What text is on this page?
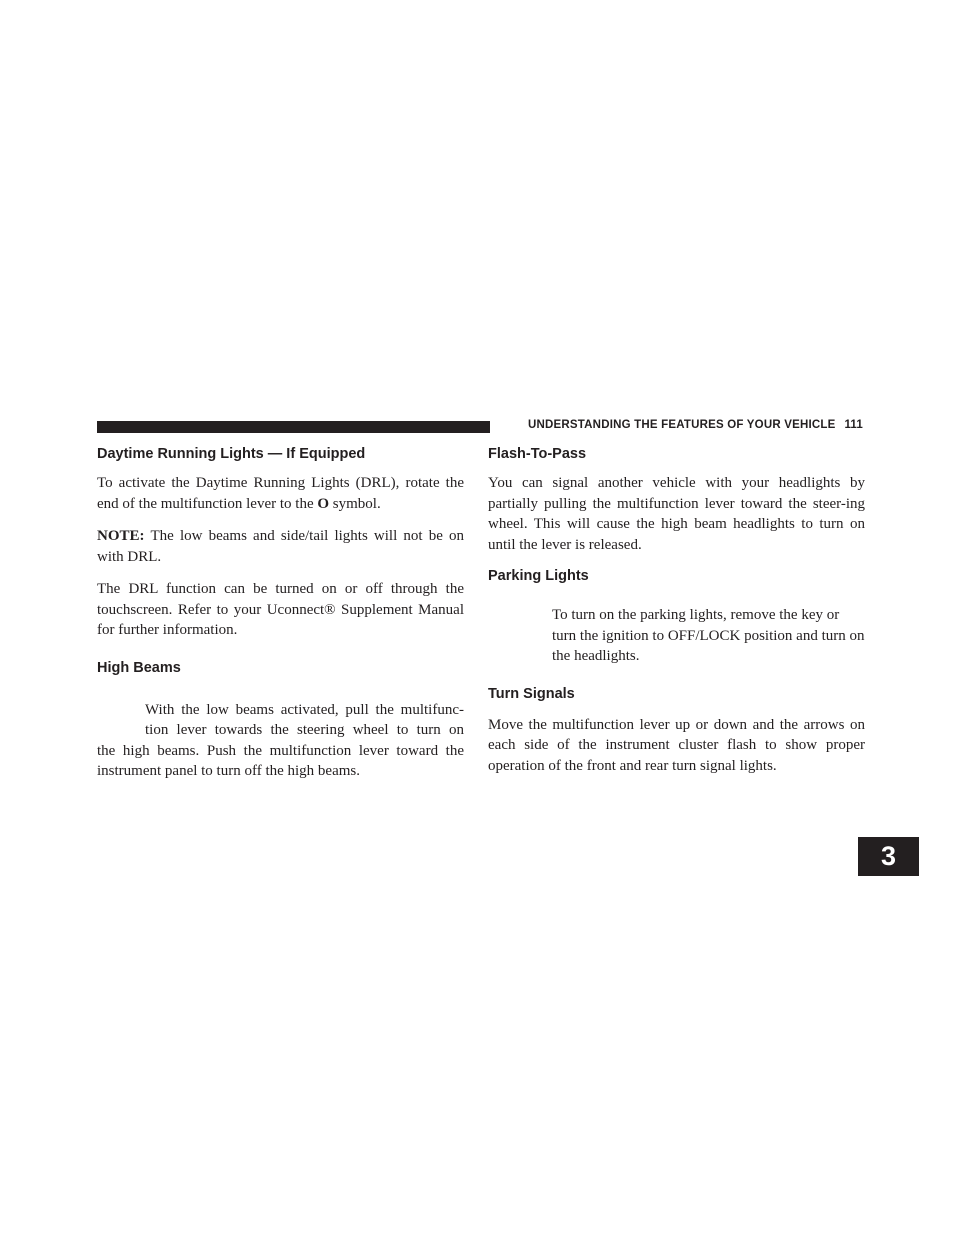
UNDERSTANDING THE FEATURES OF YOUR VEHICLE 111
3
Daytime Running Lights — If Equipped

To activate the Daytime Running Lights (DRL), rotate the end of the multifunction lever to the O symbol.

NOTE: The low beams and side/tail lights will not be on with DRL.

The DRL function can be turned on or off through the touchscreen. Refer to your Uconnect® Supplement Manual for further information.

High Beams

With the low beams activated, pull the multifunc-

tion lever towards the steering wheel to turn on

the high beams. Push the multifunction lever toward the instrument panel to turn off the high beams.

Flash-To-Pass

You can signal another vehicle with your headlights by partially pulling the multifunction lever toward the steer-ing wheel. This will cause the high beam headlights to turn on until the lever is released.

Parking Lights

To turn on the parking lights, remove the key or turn the ignition to OFF/LOCK position and turn on the headlights.

Turn Signals

Move the multifunction lever up or down and the arrows on each side of the instrument cluster flash to show proper operation of the front and rear turn signal lights.
